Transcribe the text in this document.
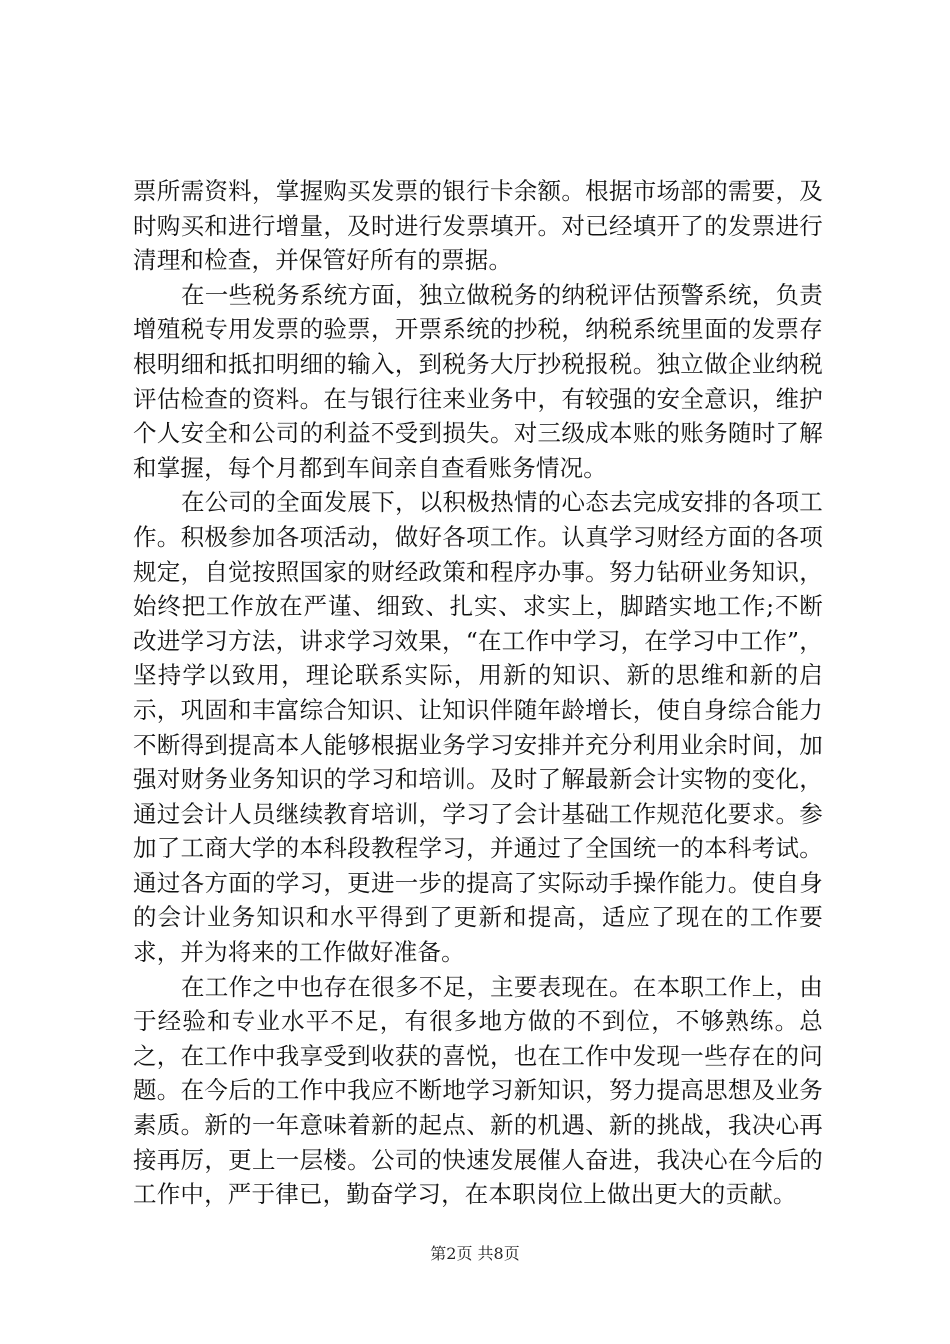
票所需资料，掌握购买发票的银行卡余额。根据市场部的需要，及时购买和进行增量，及时进行发票填开。对已经填开了的发票进行清理和检查，并保管好所有的票据。

在一些税务系统方面，独立做税务的纳税评估预警系统，负责增殖税专用发票的验票，开票系统的抄税，纳税系统里面的发票存根明细和抵扣明细的输入，到税务大厅抄税报税。独立做企业纳税评估检查的资料。在与银行往来业务中，有较强的安全意识，维护个人安全和公司的利益不受到损失。对三级成本账的账务随时了解和掌握，每个月都到车间亲自查看账务情况。

在公司的全面发展下，以积极热情的心态去完成安排的各项工作。积极参加各项活动，做好各项工作。认真学习财经方面的各项规定，自觉按照国家的财经政策和程序办事。努力钻研业务知识，始终把工作放在严谨、细致、扎实、求实上，脚踏实地工作;不断改进学习方法，讲求学习效果，“在工作中学习，在学习中工作”，坚持学以致用，理论联系实际，用新的知识、新的思维和新的启示，巩固和丰富综合知识、让知识伴随年龄增长，使自身综合能力不断得到提高本人能够根据业务学习安排并充分利用业余时间，加强对财务业务知识的学习和培训。及时了解最新会计实物的变化，通过会计人员继续教育培训，学习了会计基础工作规范化要求。参加了工商大学的本科段教程学习，并通过了全国统一的本科考试。通过各方面的学习，更进一步的提高了实际动手操作能力。使自身的会计业务知识和水平得到了更新和提高，适应了现在的工作要求，并为将来的工作做好准备。

在工作之中也存在很多不足，主要表现在。在本职工作上，由于经验和专业水平不足，有很多地方做的不到位，不够熟练。总之，在工作中我享受到收获的喜悦，也在工作中发现一些存在的问题。在今后的工作中我应不断地学习新知识，努力提高思想及业务素质。新的一年意味着新的起点、新的机遇、新的挑战，我决心再接再厉，更上一层楼。公司的快速发展催人奋进，我决心在今后的工作中，严于律已，勤奋学习，在本职岗位上做出更大的贡献。

第2页 共8页
